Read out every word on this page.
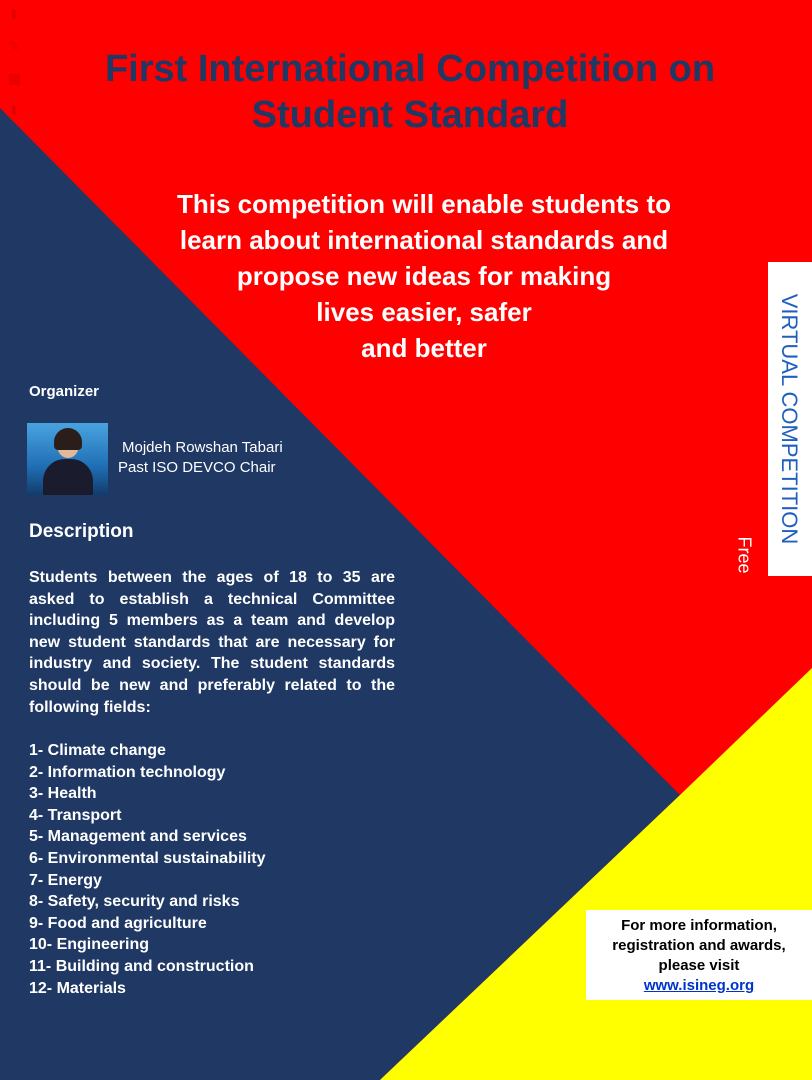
⬆
✎
▦
⬇
First International Competition on Student Standard

This competition will enable students to
learn about international standards and
propose new ideas for making
lives easier, safer
and better

Organizer
Mojdeh Rowshan Tabari
Past ISO DEVCO Chair
Description

Students between the ages of 18 to 35 are asked to establish a technical Committee including 5 members as a team and develop new student standards that are necessary for industry and society. The student standards should be new and preferably related to the following fields:

1- Climate change
2- Information technology
3- Health
4- Transport
5- Management and services
6- Environmental sustainability
7- Energy
8- Safety, security and risks
9- Food and agriculture
10- Engineering
11- Building and construction
12- Materials
VIRTUAL COMPETITION
Free
For more information,
registration and awards,
please visit
www.isineg.org
